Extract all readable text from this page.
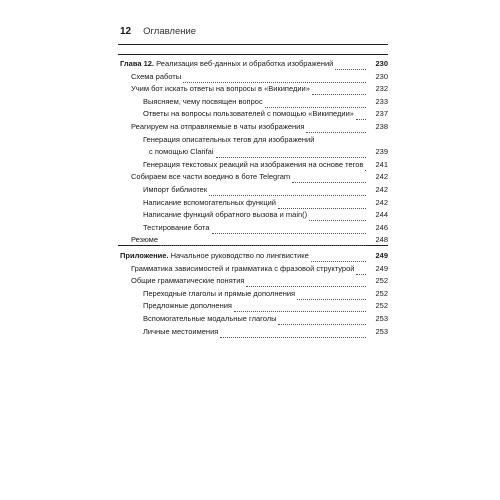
12 Оглавление
Глава 12. Реализация веб-данных и обработка изображений	230
Схема работы	230
Учим бот искать ответы на вопросы в «Википедии»	232
Выясняем, чему посвящен вопрос	233
Ответы на вопросы пользователей с помощью «Википедии»	237
Реагируем на отправляемые в чаты изображения	238
Генерация описательных тегов для изображений
с помощью Clarifai	239
Генерация текстовых реакций на изображения на основе тегов	241
Собираем все части воедино в боте Telegram	242
Импорт библиотек	242
Написание вспомогательных функций	242
Написание функций обратного вызова и main()	244
Тестирование бота	246
Резюме	248
Приложение. Начальное руководство по лингвистике	249
Грамматика зависимостей и грамматика с фразовой структурой	249
Общие грамматические понятия	252
Переходные глаголы и прямые дополнения	252
Предложные дополнения	252
Вспомогательные модальные глаголы	253
Личные местоимения	253
